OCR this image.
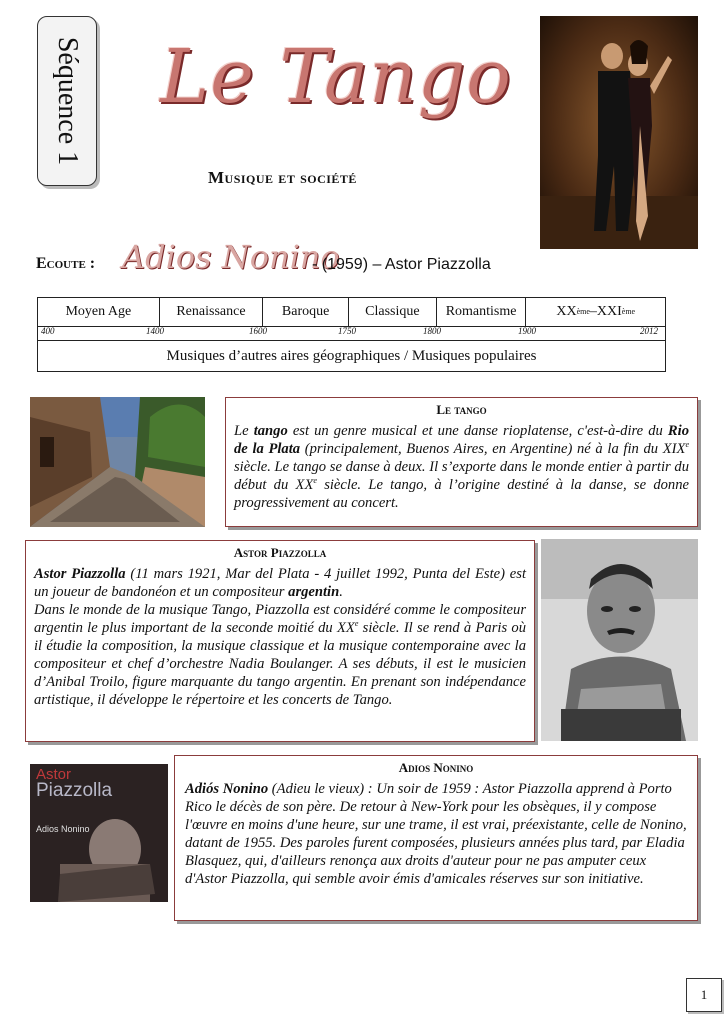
Séquence 1 Le Tango
Musique et société
Ecoute : Adios Nonino
- (1959) – Astor Piazzolla
Moyen Age	Renaissance	Baroque	Classique	Romantisme	XX ème –XXI ème
400	1400	1600	1750	1800	1900	2012
Musiques d’autres aires géographiques / Musiques populaires
Le tango
Le tango est un genre musical et une danse rioplatense, c'est-à-dire du Rio de la Plata (principalement, Buenos Aires, en Argentine) né à la fin du XIXe siècle. Le tango se danse à deux. Il s’exporte dans le monde entier à partir du début du XXe siècle. Le tango, à l’origine destiné à la danse, se donne progressivement au concert.
Astor Piazzolla
Astor Piazzolla (11 mars 1921, Mar del Plata - 4 juillet 1992, Punta del Este) est un joueur de bandonéon et un compositeur argentin.
Dans le monde de la musique Tango, Piazzolla est considéré comme le compositeur argentin le plus important de la seconde moitié du XXe siècle. Il se rend à Paris où il étudie la composition, la musique classique et la musique contemporaine avec la compositeur et chef d’orchestre Nadia Boulanger. A ses débuts, il est le musicien d’Anibal Troilo, figure marquante du tango argentin. En prenant son indépendance artistique, il développe le répertoire et les concerts de Tango.
Astor
Piazzolla
Adios Nonino
Adios Nonino
Adiós Nonino (Adieu le vieux) : Un soir de 1959 : Astor Piazzolla apprend à Porto Rico le décès de son père. De retour à New-York pour les obsèques, il y compose l'œuvre en moins d'une heure, sur une trame, il est vrai, préexistante, celle de Nonino, datant de 1955. Des paroles furent composées, plusieurs années plus tard, par Eladia Blasquez, qui, d'ailleurs renonça aux droits d'auteur pour ne pas amputer ceux d'Astor Piazzolla, qui semble avoir émis d'amicales réserves sur son initiative.
1
